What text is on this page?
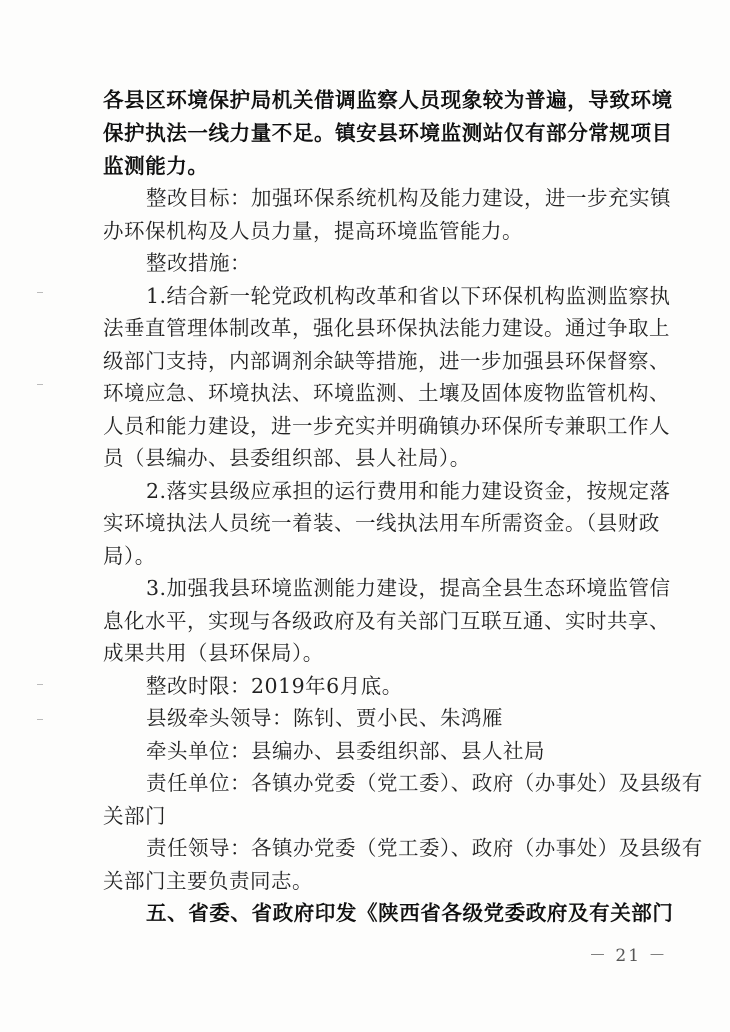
各县区环境保护局机关借调监察人员现象较为普遍，导致环境
保护执法一线力量不足。镇安县环境监测站仅有部分常规项目
监测能力。
整改目标：加强环保系统机构及能力建设，进一步充实镇
办环保机构及人员力量，提高环境监管能力。
整改措施：
1.结合新一轮党政机构改革和省以下环保机构监测监察执
法垂直管理体制改革，强化县环保执法能力建设。通过争取上
级部门支持，内部调剂余缺等措施，进一步加强县环保督察、
环境应急、环境执法、环境监测、土壤及固体废物监管机构、
人员和能力建设，进一步充实并明确镇办环保所专兼职工作人
员（县编办、县委组织部、县人社局）。
2.落实县级应承担的运行费用和能力建设资金，按规定落
实环境执法人员统一着装、一线执法用车所需资金。（县财政
局）。
3.加强我县环境监测能力建设，提高全县生态环境监管信
息化水平，实现与各级政府及有关部门互联互通、实时共享、
成果共用（县环保局）。
整改时限：2019年6月底。
县级牵头领导：陈钊、贾小民、朱鸿雁
牵头单位：县编办、县委组织部、县人社局
责任单位：各镇办党委（党工委）、政府（办事处）及县级有
关部门
责任领导：各镇办党委（党工委）、政府（办事处）及县级有
关部门主要负责同志。
五、省委、省政府印发《陕西省各级党委政府及有关部门
－ 21 －
